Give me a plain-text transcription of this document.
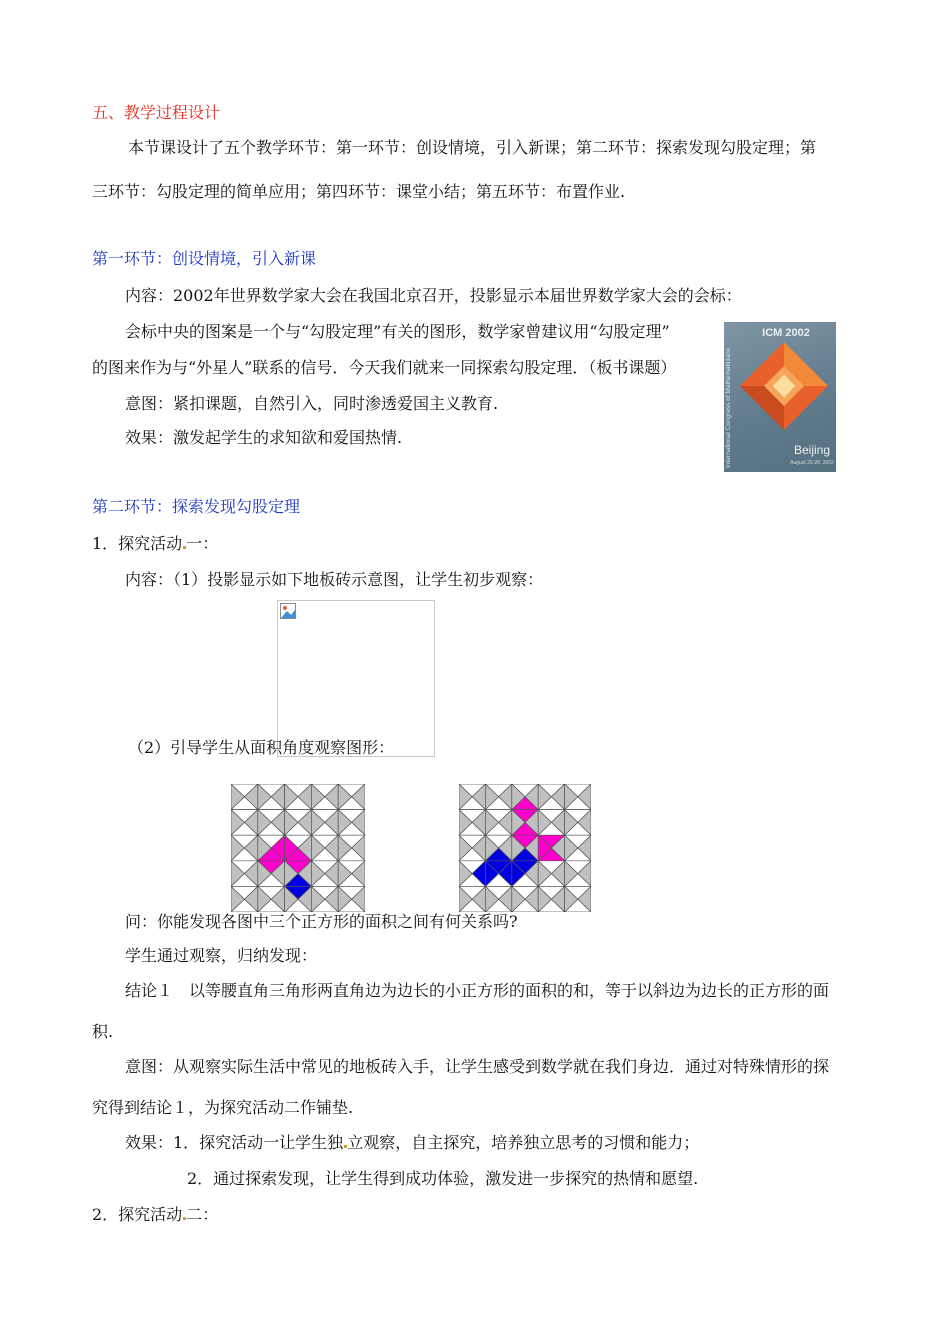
五、教学过程设计
本节课设计了五个教学环节：第一环节：创设情境，引入新课；第二环节：探索发现勾股定理；第
三环节：勾股定理的简单应用；第四环节：课堂小结；第五环节：布置作业.
第一环节：创设情境，引入新课
内容：2002年世界数学家大会在我国北京召开，投影显示本届世界数学家大会的会标：
会标中央的图案是一个与“勾股定理”有关的图形，数学家曾建议用“勾股定理”
的图来作为与“外星人”联系的信号．今天我们就来一同探索勾股定理．（板书课题）
意图：紧扣课题，自然引入，同时渗透爱国主义教育.
效果：激发起学生的求知欲和爱国热情.
ICM 2002
International Congress of Mathematicians	Beijing
August 20-28, 2002
第二环节：探索发现勾股定理
1．探究活动 一：
内容：（1）投影显示如下地板砖示意图，让学生初步观察：
（2）引导学生从面积角度观察图形：
问：你能发现各图中三个正方形的面积之间有何关系吗?
学生通过观察，归纳发现：
结论１　以等腰直角三角形两直角边为边长的小正方形的面积的和，等于以斜边为边长的正方形的面
积.
意图：从观察实际生活中常见的地板砖入手，让学生感受到数学就在我们身边．通过对特殊情形的探
究得到结论１，为探究活动二作铺垫.
效果：1．探究活动一让学生独 立观察，自主探究，培养独立思考的习惯和能力；
2．通过探索发现，让学生得到成功体验，激发进一步探究的热情和愿望.
2．探究活动 二：
